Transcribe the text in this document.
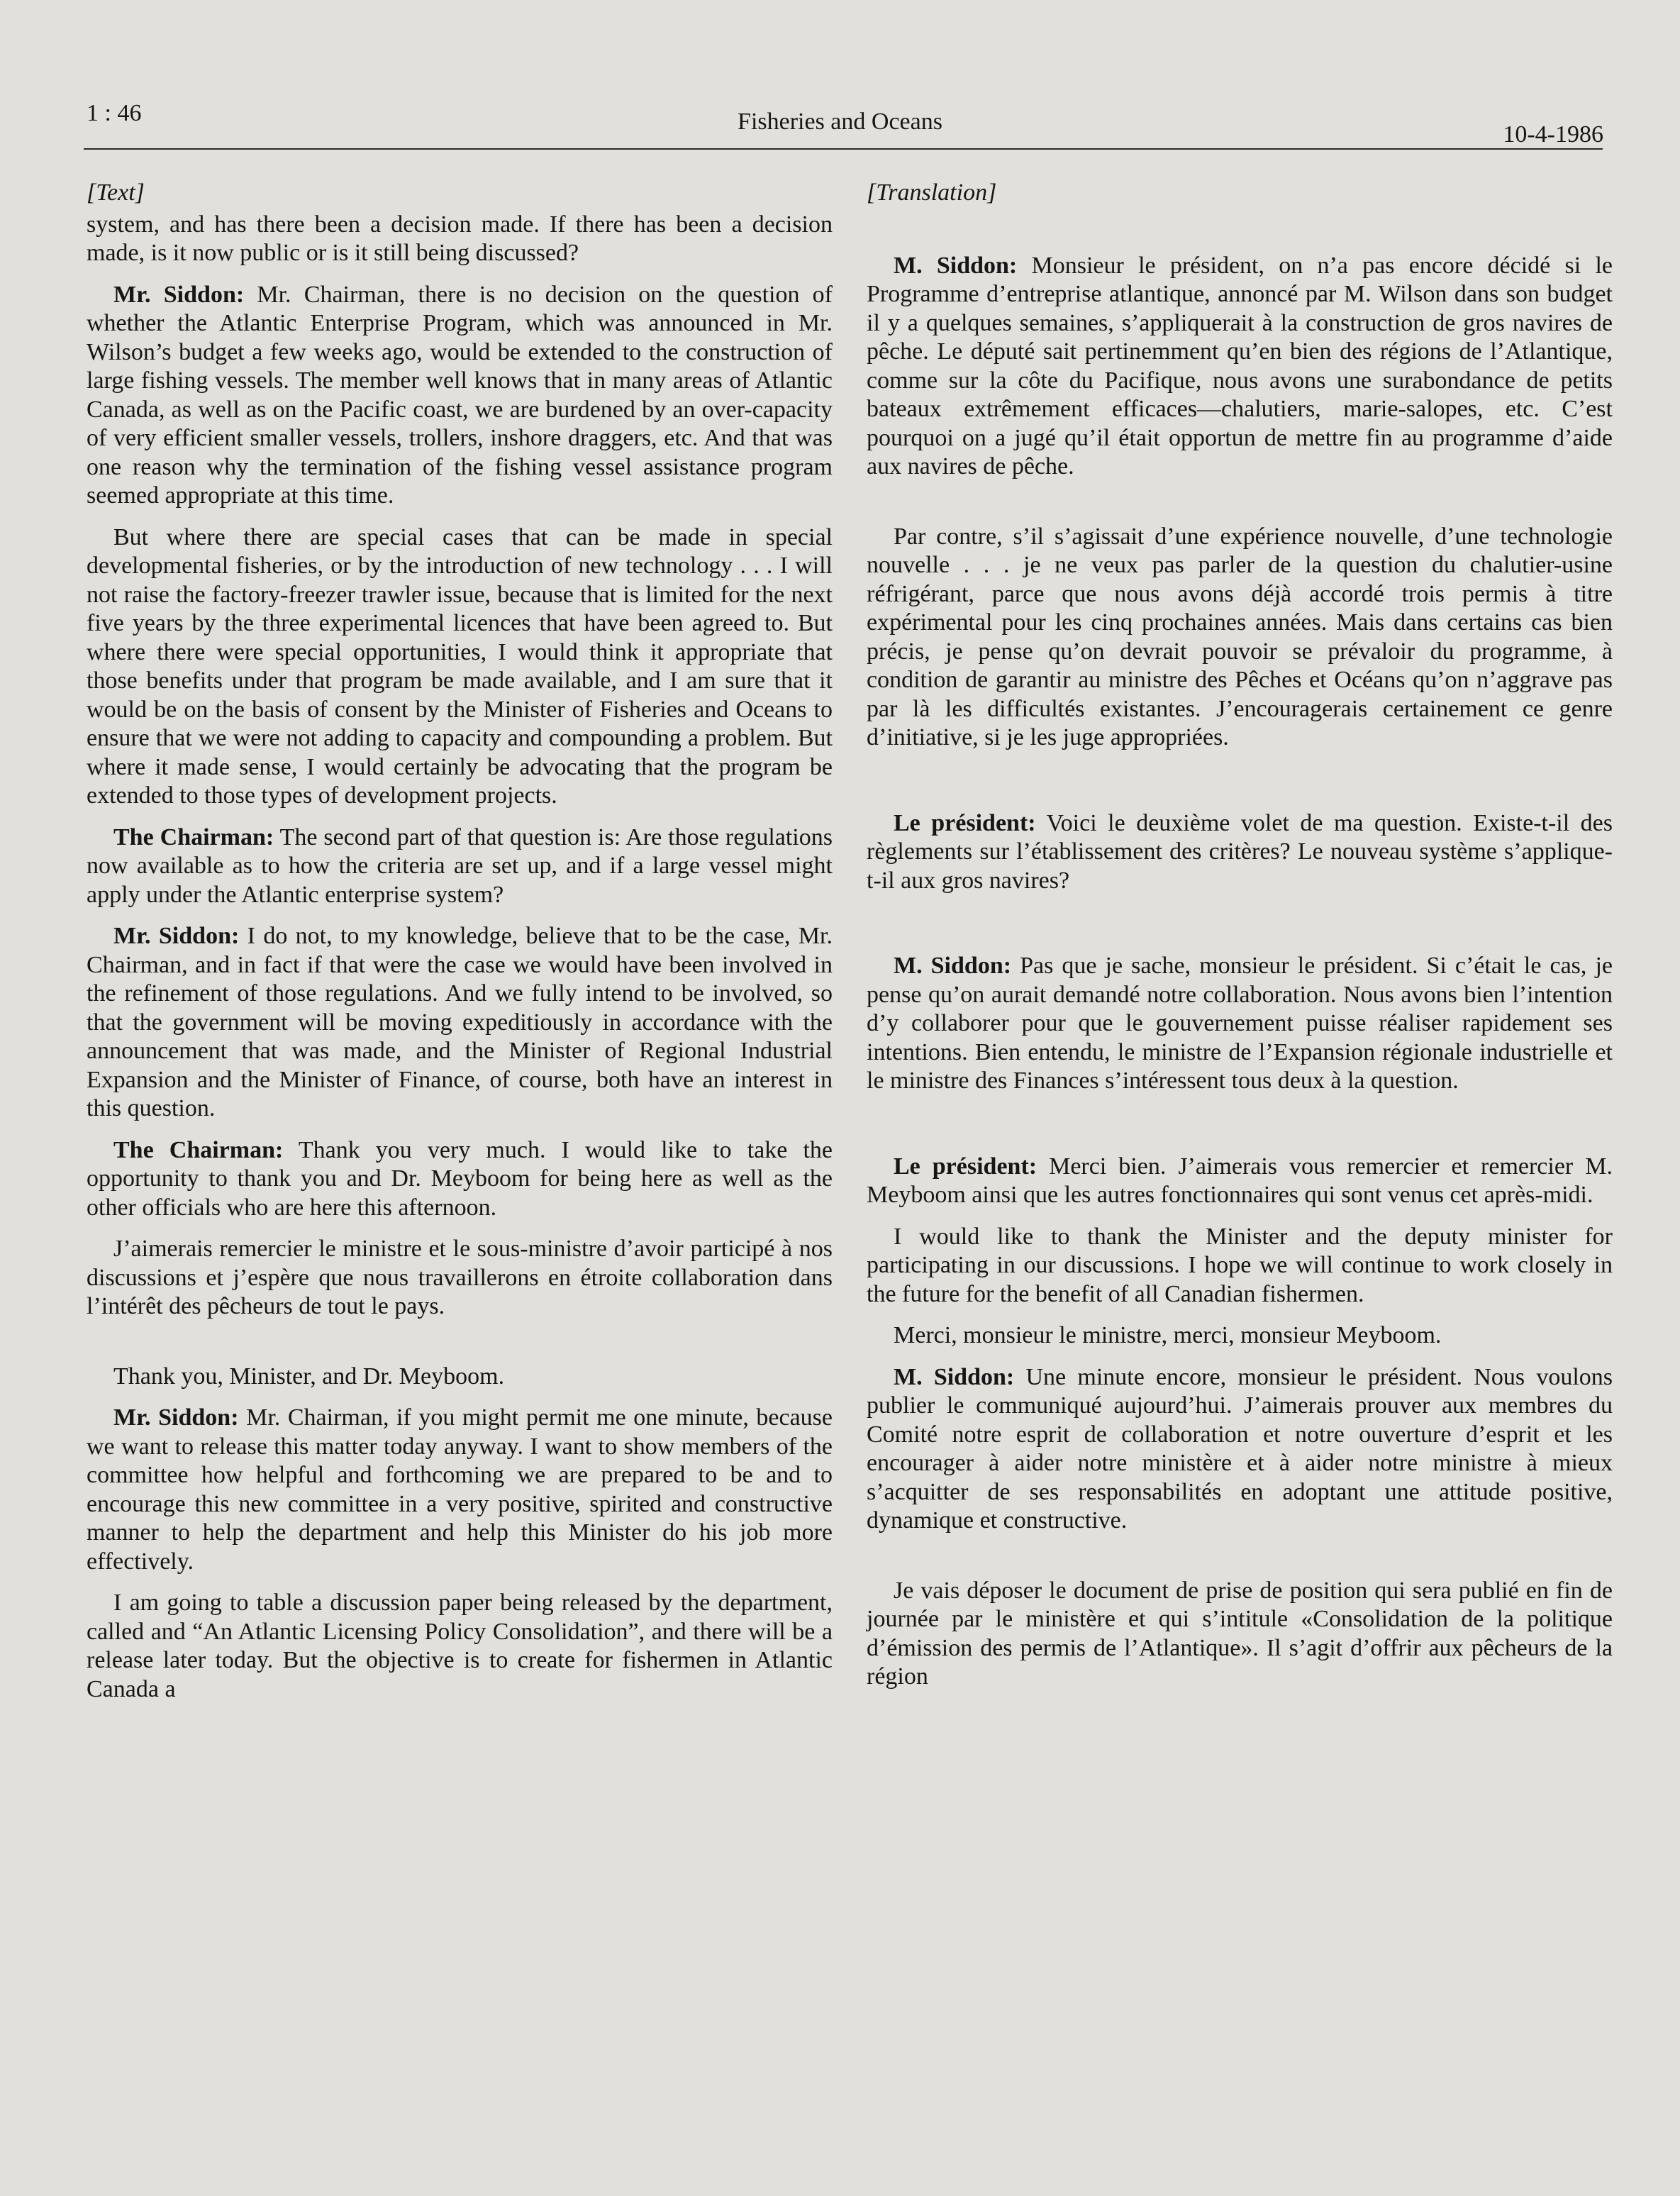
1 : 46	Fisheries and Oceans	10-4-1986

[Text]

system, and has there been a decision made. If there has been a decision made, is it now public or is it still being discussed?

Mr. Siddon: Mr. Chairman, there is no decision on the question of whether the Atlantic Enterprise Program, which was announced in Mr. Wilson’s budget a few weeks ago, would be extended to the construction of large fishing vessels. The member well knows that in many areas of Atlantic Canada, as well as on the Pacific coast, we are burdened by an over-capacity of very efficient smaller vessels, trollers, inshore draggers, etc. And that was one reason why the termination of the fishing vessel assistance program seemed appropriate at this time.

But where there are special cases that can be made in special developmental fisheries, or by the introduction of new technology . . . I will not raise the factory-freezer trawler issue, because that is limited for the next five years by the three experimental licences that have been agreed to. But where there were special opportunities, I would think it appropriate that those benefits under that program be made available, and I am sure that it would be on the basis of consent by the Minister of Fisheries and Oceans to ensure that we were not adding to capacity and compounding a problem. But where it made sense, I would certainly be advocating that the program be extended to those types of development projects.

The Chairman: The second part of that question is: Are those regulations now available as to how the criteria are set up, and if a large vessel might apply under the Atlantic enterprise system?

Mr. Siddon: I do not, to my knowledge, believe that to be the case, Mr. Chairman, and in fact if that were the case we would have been involved in the refinement of those regulations. And we fully intend to be involved, so that the government will be moving expeditiously in accordance with the announcement that was made, and the Minister of Regional Industrial Expansion and the Minister of Finance, of course, both have an interest in this question.

The Chairman: Thank you very much. I would like to take the opportunity to thank you and Dr. Meyboom for being here as well as the other officials who are here this afternoon.

J’aimerais remercier le ministre et le sous-ministre d’avoir participé à nos discussions et j’espère que nous travaillerons en étroite collaboration dans l’intérêt des pêcheurs de tout le pays.

Thank you, Minister, and Dr. Meyboom.

Mr. Siddon: Mr. Chairman, if you might permit me one minute, because we want to release this matter today anyway. I want to show members of the committee how helpful and forthcoming we are prepared to be and to encourage this new committee in a very positive, spirited and constructive manner to help the department and help this Minister do his job more effectively.

I am going to table a discussion paper being released by the department, called and “An Atlantic Licensing Policy Consolidation”, and there will be a release later today. But the objective is to create for fishermen in Atlantic Canada a

[Translation]

M. Siddon: Monsieur le président, on n’a pas encore décidé si le Programme d’entreprise atlantique, annoncé par M. Wilson dans son budget il y a quelques semaines, s’appliquerait à la construction de gros navires de pêche. Le député sait pertinemment qu’en bien des régions de l’Atlantique, comme sur la côte du Pacifique, nous avons une surabondance de petits bateaux extrêmement efficaces—chalutiers, marie-salopes, etc. C’est pourquoi on a jugé qu’il était opportun de mettre fin au programme d’aide aux navires de pêche.

Par contre, s’il s’agissait d’une expérience nouvelle, d’une technologie nouvelle . . . je ne veux pas parler de la question du chalutier-usine réfrigérant, parce que nous avons déjà accordé trois permis à titre expérimental pour les cinq prochaines années. Mais dans certains cas bien précis, je pense qu’on devrait pouvoir se prévaloir du programme, à condition de garantir au ministre des Pêches et Océans qu’on n’aggrave pas par là les difficultés existantes. J’encouragerais certainement ce genre d’initiative, si je les juge appropriées.

Le président: Voici le deuxième volet de ma question. Existe-t-il des règlements sur l’établissement des critères? Le nouveau système s’applique-t-il aux gros navires?

M. Siddon: Pas que je sache, monsieur le président. Si c’était le cas, je pense qu’on aurait demandé notre collaboration. Nous avons bien l’intention d’y collaborer pour que le gouvernement puisse réaliser rapidement ses intentions. Bien entendu, le ministre de l’Expansion régionale industrielle et le ministre des Finances s’intéressent tous deux à la question.

Le président: Merci bien. J’aimerais vous remercier et remercier M. Meyboom ainsi que les autres fonctionnaires qui sont venus cet après-midi.

I would like to thank the Minister and the deputy minister for participating in our discussions. I hope we will continue to work closely in the future for the benefit of all Canadian fishermen.

Merci, monsieur le ministre, merci, monsieur Meyboom.

M. Siddon: Une minute encore, monsieur le président. Nous voulons publier le communiqué aujourd’hui. J’aimerais prouver aux membres du Comité notre esprit de collaboration et notre ouverture d’esprit et les encourager à aider notre ministère et à aider notre ministre à mieux s’acquitter de ses responsabilités en adoptant une attitude positive, dynamique et constructive.

Je vais déposer le document de prise de position qui sera publié en fin de journée par le ministère et qui s’intitule «Consolidation de la politique d’émission des permis de l’Atlantique». Il s’agit d’offrir aux pêcheurs de la région
